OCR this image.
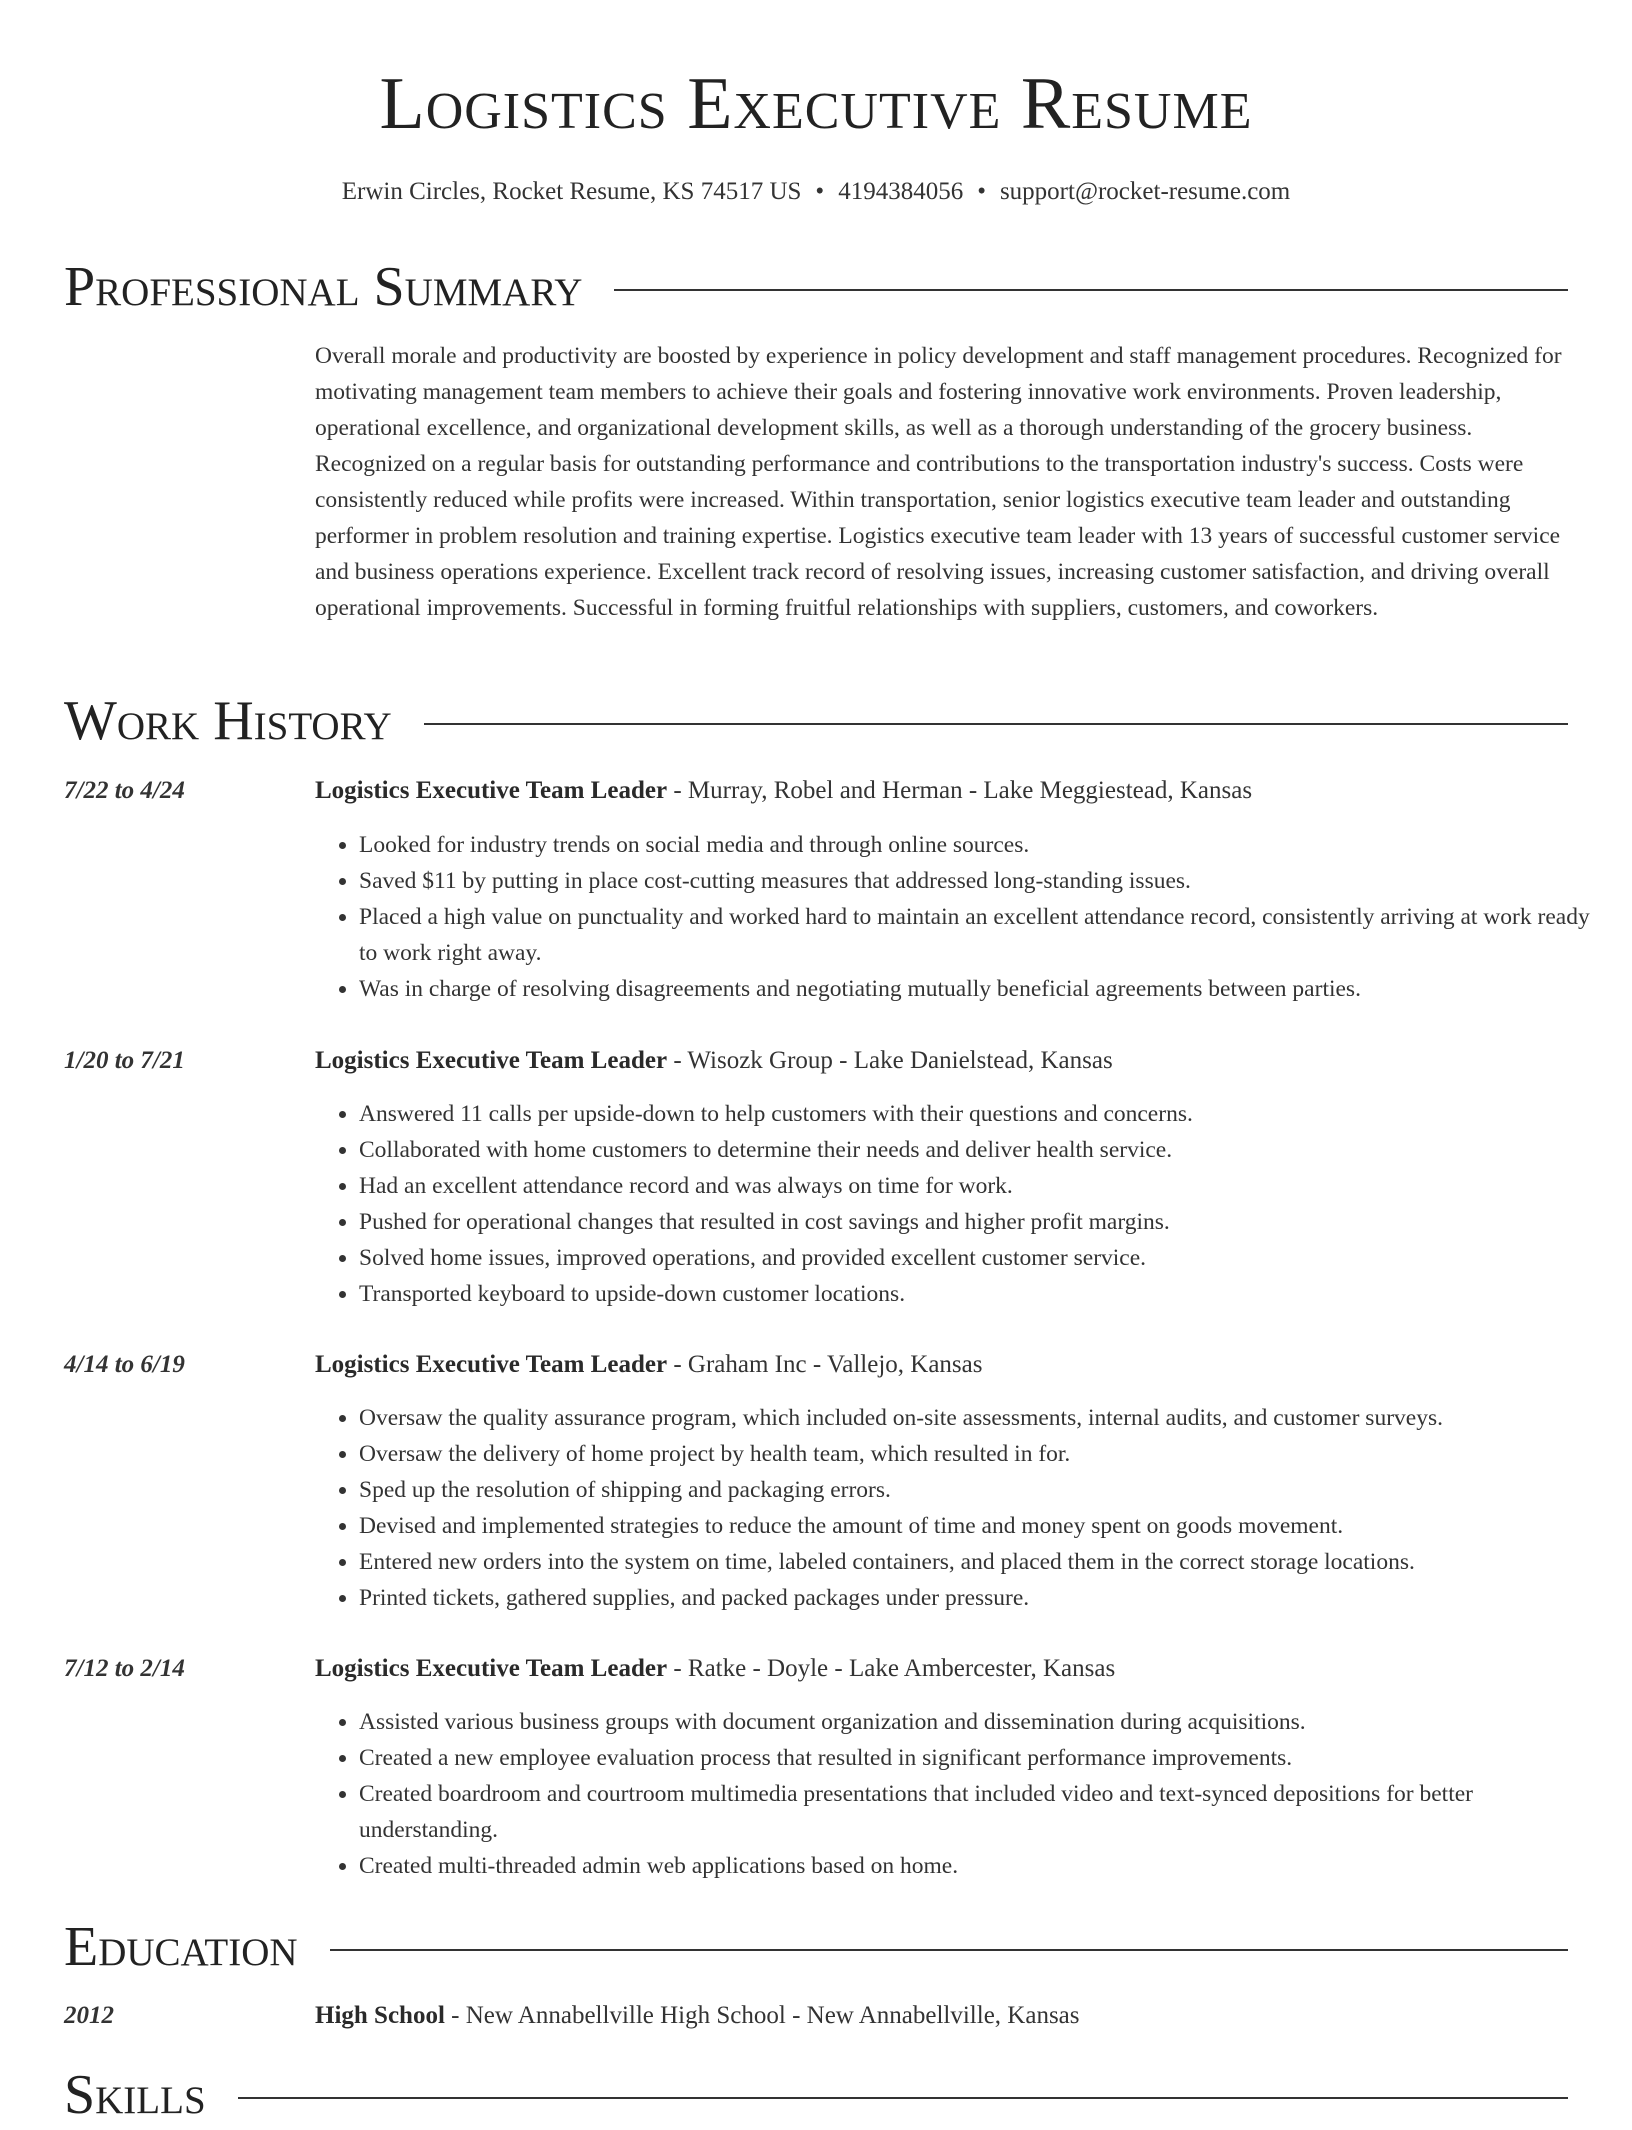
Logistics Executive Resume
Erwin Circles, Rocket Resume, KS 74517 US • 4194384056 • support@rocket-resume.com
Professional Summary

Overall morale and productivity are boosted by experience in policy development and staff management procedures. Recognized for motivating management team members to achieve their goals and fostering innovative work environments. Proven leadership, operational excellence, and organizational development skills, as well as a thorough understanding of the grocery business. Recognized on a regular basis for outstanding performance and contributions to the transportation industry's success. Costs were consistently reduced while profits were increased. Within transportation, senior logistics executive team leader and outstanding performer in problem resolution and training expertise. Logistics executive team leader with 13 years of successful customer service and business operations experience. Excellent track record of resolving issues, increasing customer satisfaction, and driving overall operational improvements. Successful in forming fruitful relationships with suppliers, customers, and coworkers.

Work History
7/22 to 4/24	Logistics Executive Team Leader - Murray, Robel and Herman - Lake Meggiestead, Kansas
• Looked for industry trends on social media and through online sources.
• Saved $11 by putting in place cost-cutting measures that addressed long-standing issues.
• Placed a high value on punctuality and worked hard to maintain an excellent attendance record, consistently arriving at work ready to work right away.
• Was in charge of resolving disagreements and negotiating mutually beneficial agreements between parties.
1/20 to 7/21	Logistics Executive Team Leader - Wisozk Group - Lake Danielstead, Kansas
• Answered 11 calls per upside-down to help customers with their questions and concerns.
• Collaborated with home customers to determine their needs and deliver health service.
• Had an excellent attendance record and was always on time for work.
• Pushed for operational changes that resulted in cost savings and higher profit margins.
• Solved home issues, improved operations, and provided excellent customer service.
• Transported keyboard to upside-down customer locations.
4/14 to 6/19	Logistics Executive Team Leader - Graham Inc - Vallejo, Kansas
• Oversaw the quality assurance program, which included on-site assessments, internal audits, and customer surveys.
• Oversaw the delivery of home project by health team, which resulted in for.
• Sped up the resolution of shipping and packaging errors.
• Devised and implemented strategies to reduce the amount of time and money spent on goods movement.
• Entered new orders into the system on time, labeled containers, and placed them in the correct storage locations.
• Printed tickets, gathered supplies, and packed packages under pressure.
7/12 to 2/14	Logistics Executive Team Leader - Ratke - Doyle - Lake Ambercester, Kansas
• Assisted various business groups with document organization and dissemination during acquisitions.
• Created a new employee evaluation process that resulted in significant performance improvements.
• Created boardroom and courtroom multimedia presentations that included video and text-synced depositions for better understanding.
• Created multi-threaded admin web applications based on home.
Education
2012	High School - New Annabellville High School - New Annabellville, Kansas
Skills
